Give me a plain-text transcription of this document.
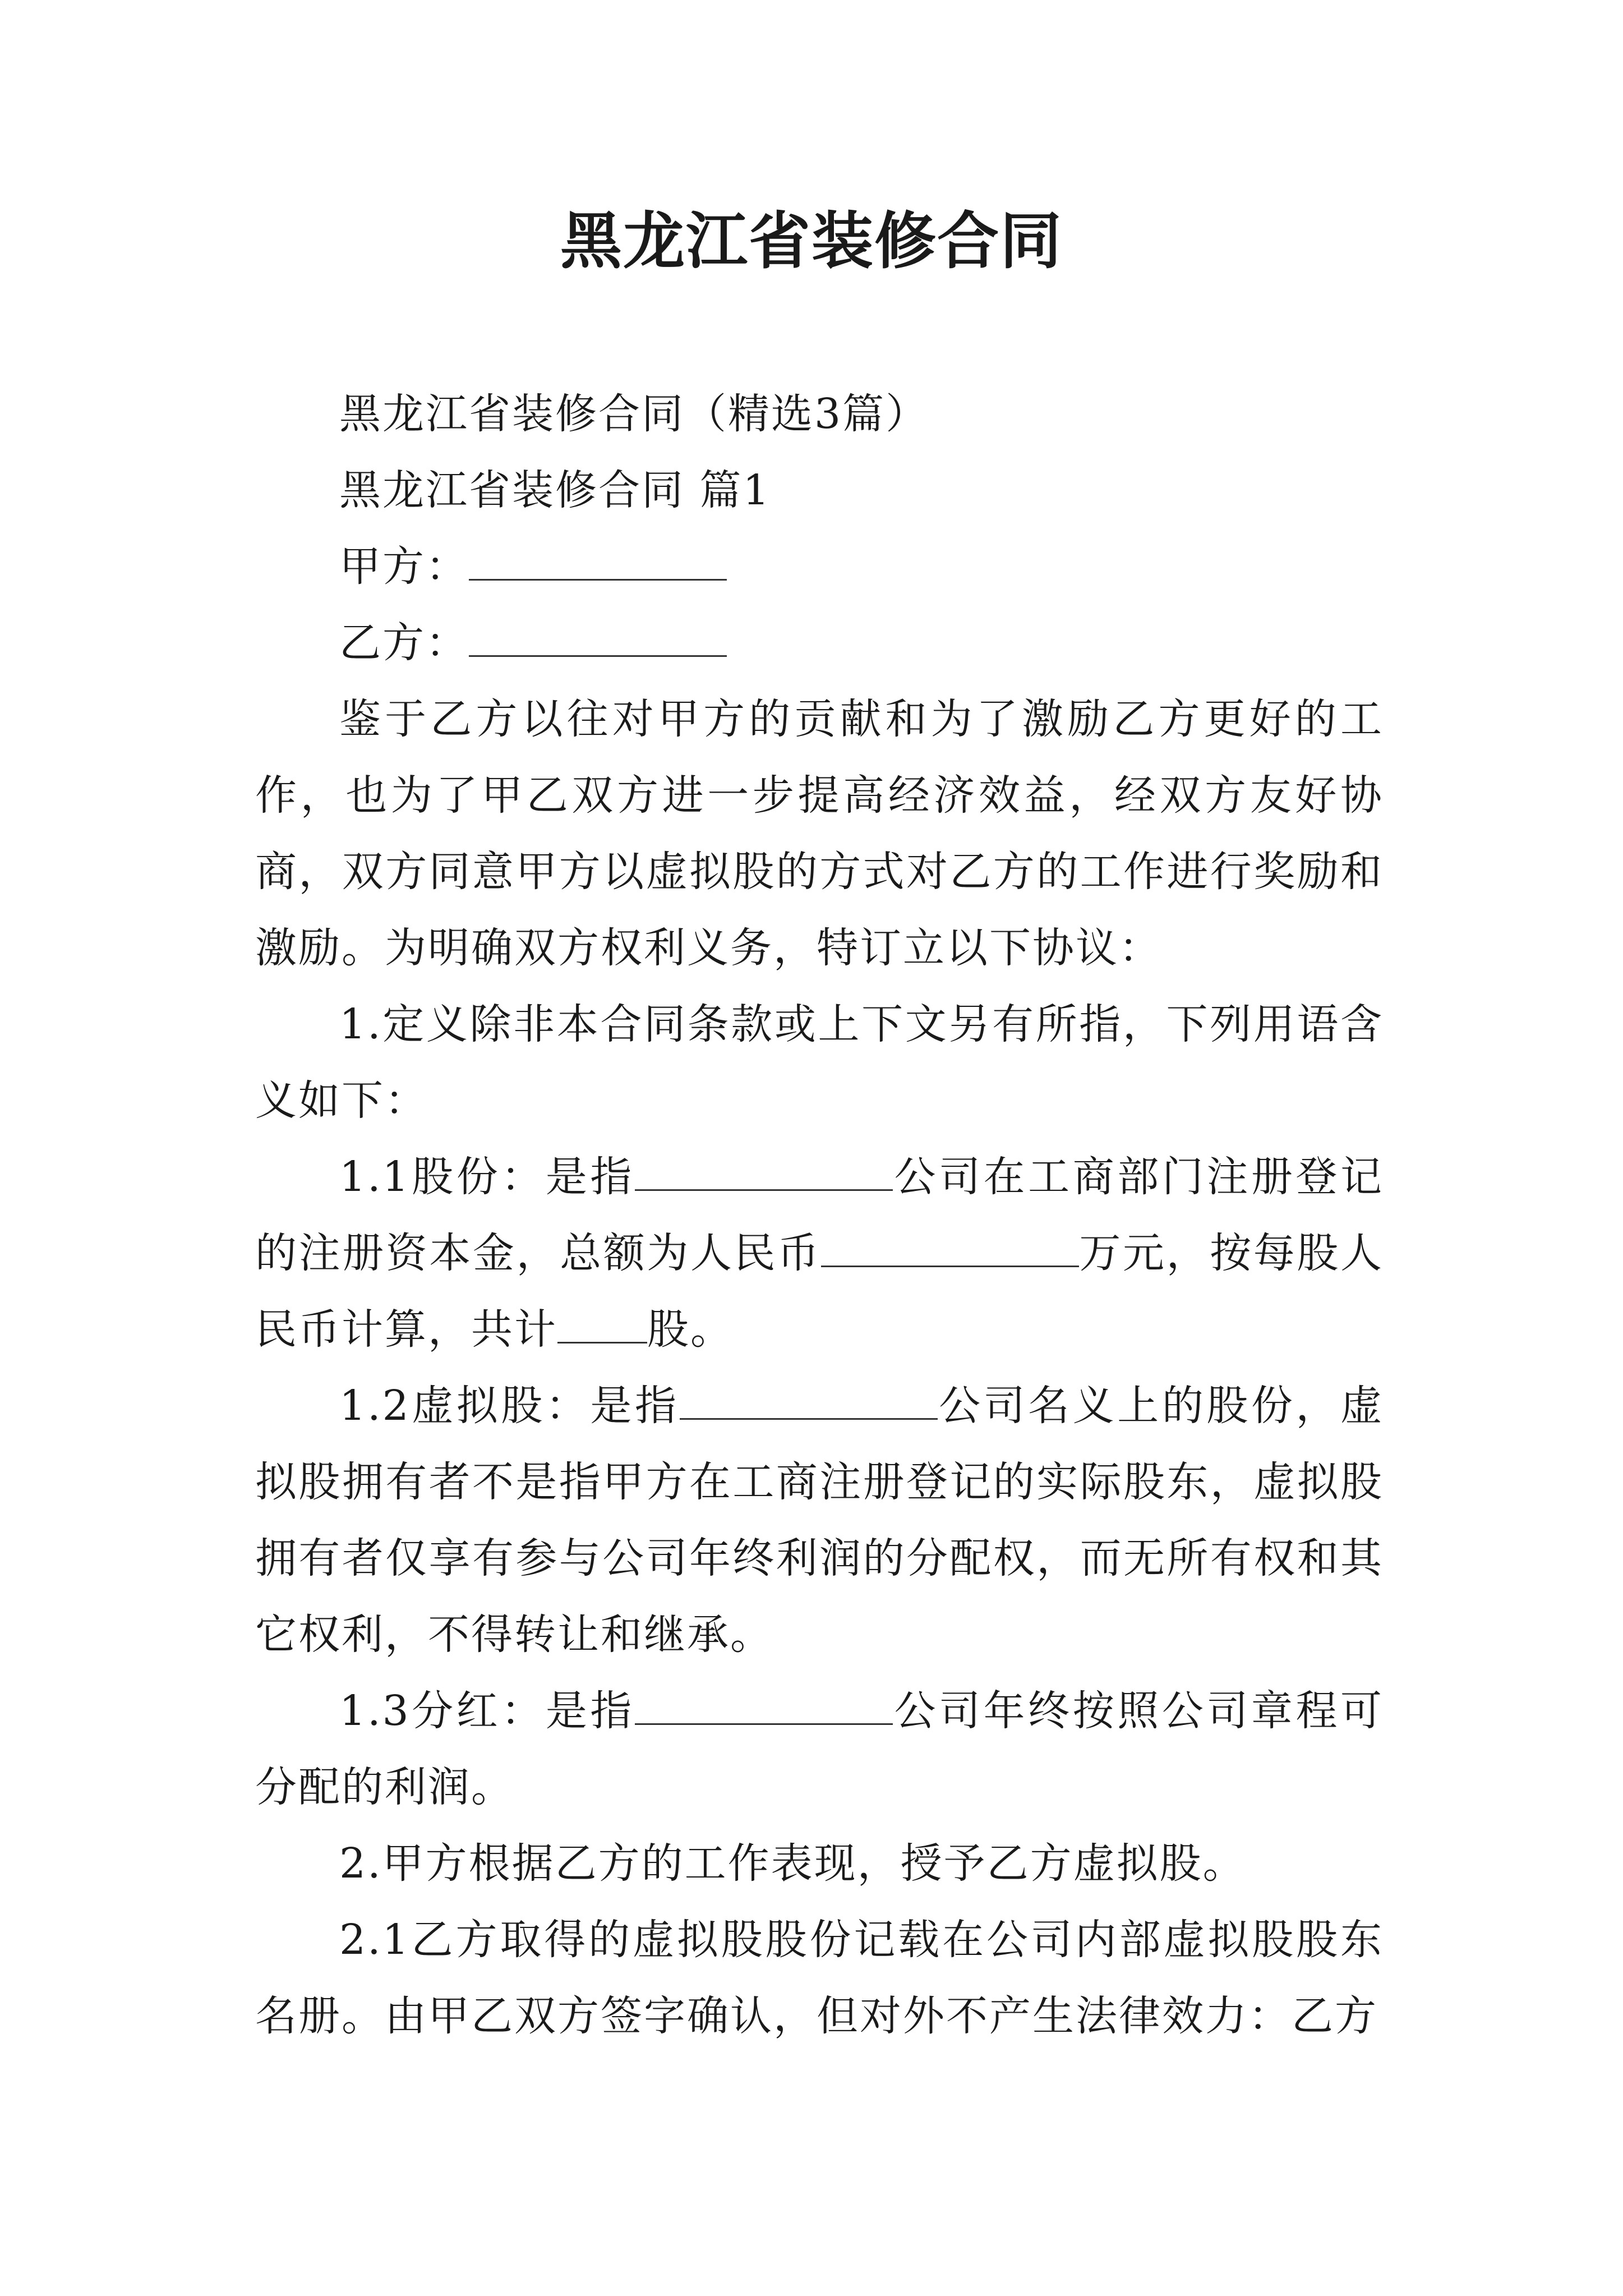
黑龙江省装修合同

黑龙江省装修合同（精选3篇）

黑龙江省装修合同 篇1

甲方：

乙方：

鉴于乙方以往对甲方的贡献和为了激励乙方更好的工作，也为了甲乙双方进一步提高经济效益，经双方友好协商，双方同意甲方以虚拟股的方式对乙方的工作进行奖励和激励。为明确双方权利义务，特订立以下协议：

1.定义除非本合同条款或上下文另有所指，下列用语含义如下：

1.1股份：是指	公司在工商部门注册登记的注册资本金，总额为人民币	万元，按每股人民币计算，共计 股。

1.2虚拟股：是指	公司名义上的股份，虚拟股拥有者不是指甲方在工商注册登记的实际股东，虚拟股拥有者仅享有参与公司年终利润的分配权，而无所有权和其它权利，不得转让和继承。

1.3分红：是指	公司年终按照公司章程可分配的利润。

2.甲方根据乙方的工作表现，授予乙方虚拟股。

2.1乙方取得的虚拟股股份记载在公司内部虚拟股股东名册。由甲乙双方签字确认，但对外不产生法律效力：乙方
